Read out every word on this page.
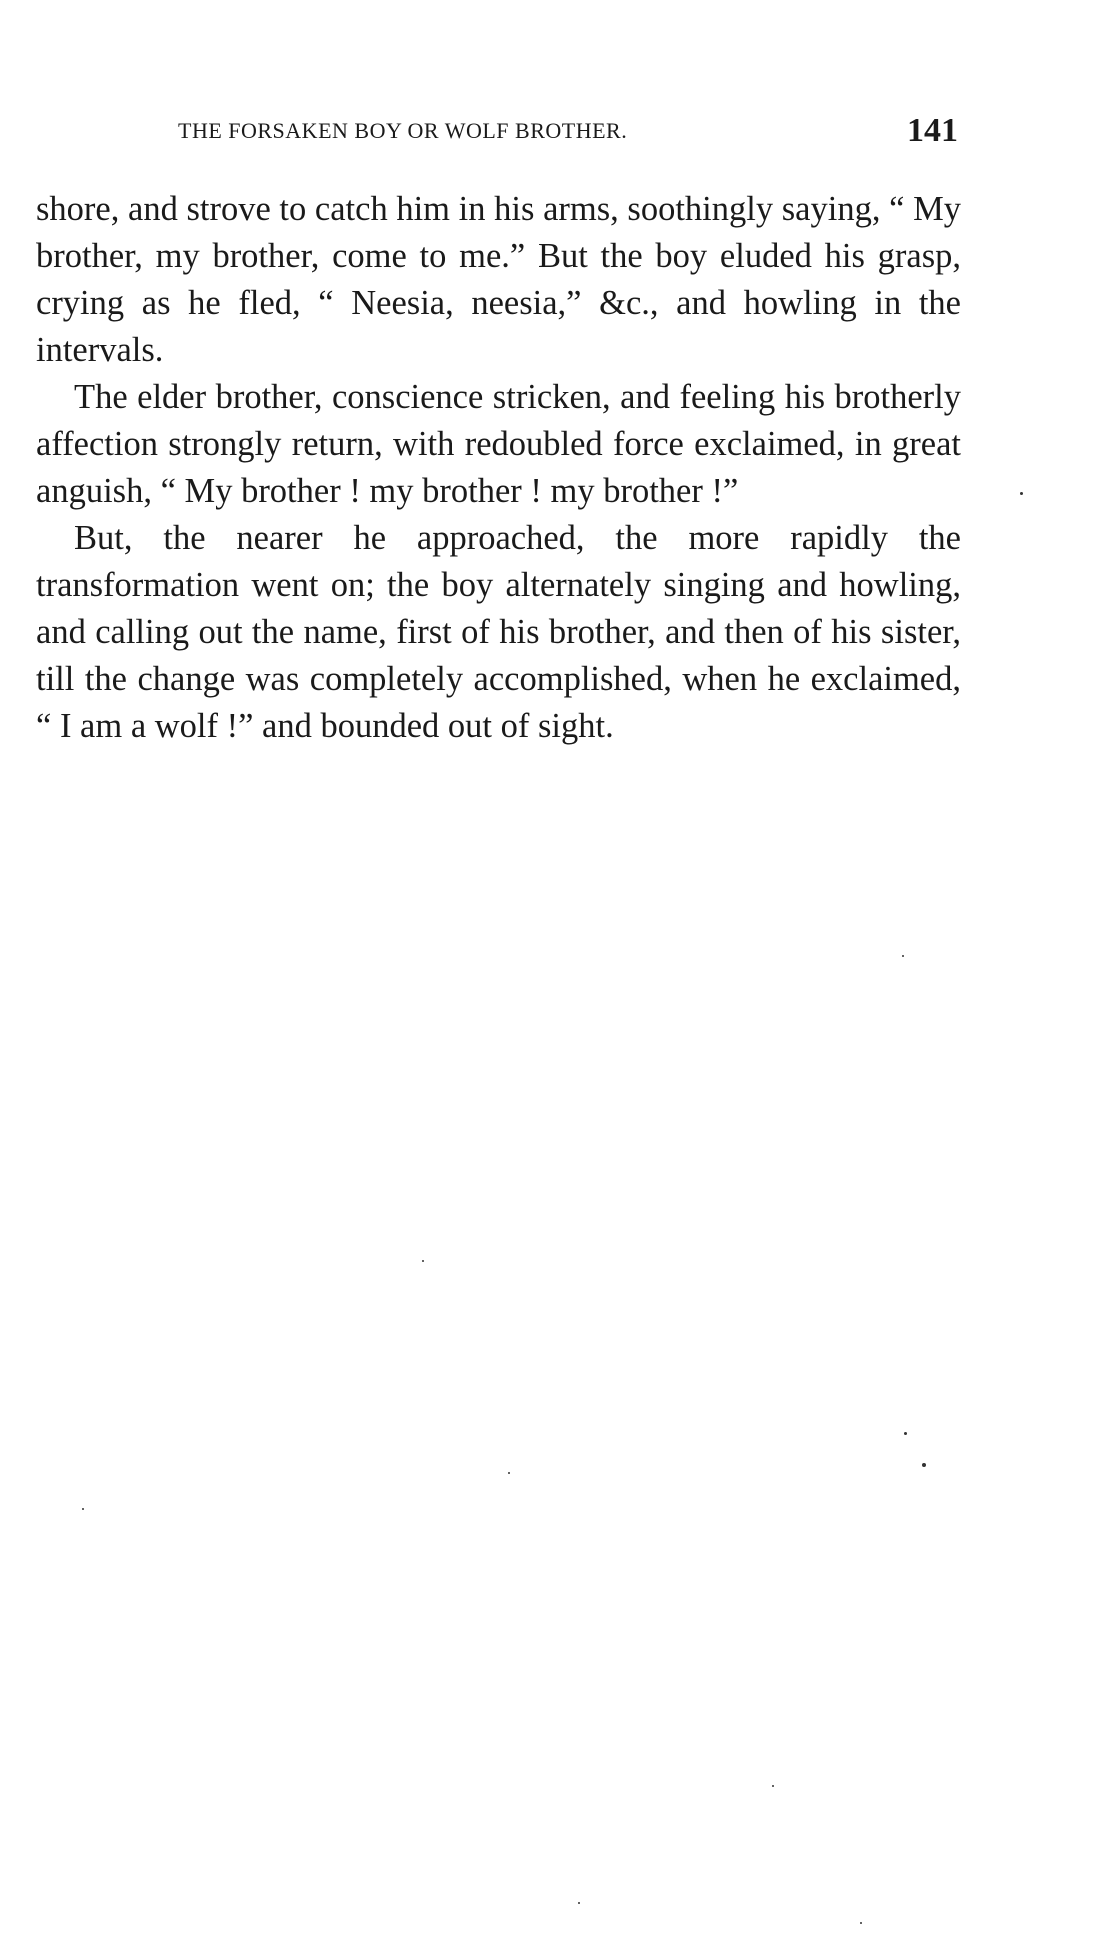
THE FORSAKEN BOY OR WOLF BROTHER.	141

shore, and strove to catch him in his arms, soothingly saying, “ My brother, my brother, come to me.” But the boy eluded his grasp, crying as he fled, “ Neesia, neesia,” &c., and howling in the intervals.

The elder brother, conscience stricken, and feeling his brotherly affection strongly return, with redoubled force exclaimed, in great anguish, “ My brother ! my brother ! my brother !”

But, the nearer he approached, the more rapidly the transformation went on; the boy alternately singing and howling, and calling out the name, first of his brother, and then of his sister, till the change was completely accomplished, when he exclaimed, “ I am a wolf !” and bounded out of sight.
